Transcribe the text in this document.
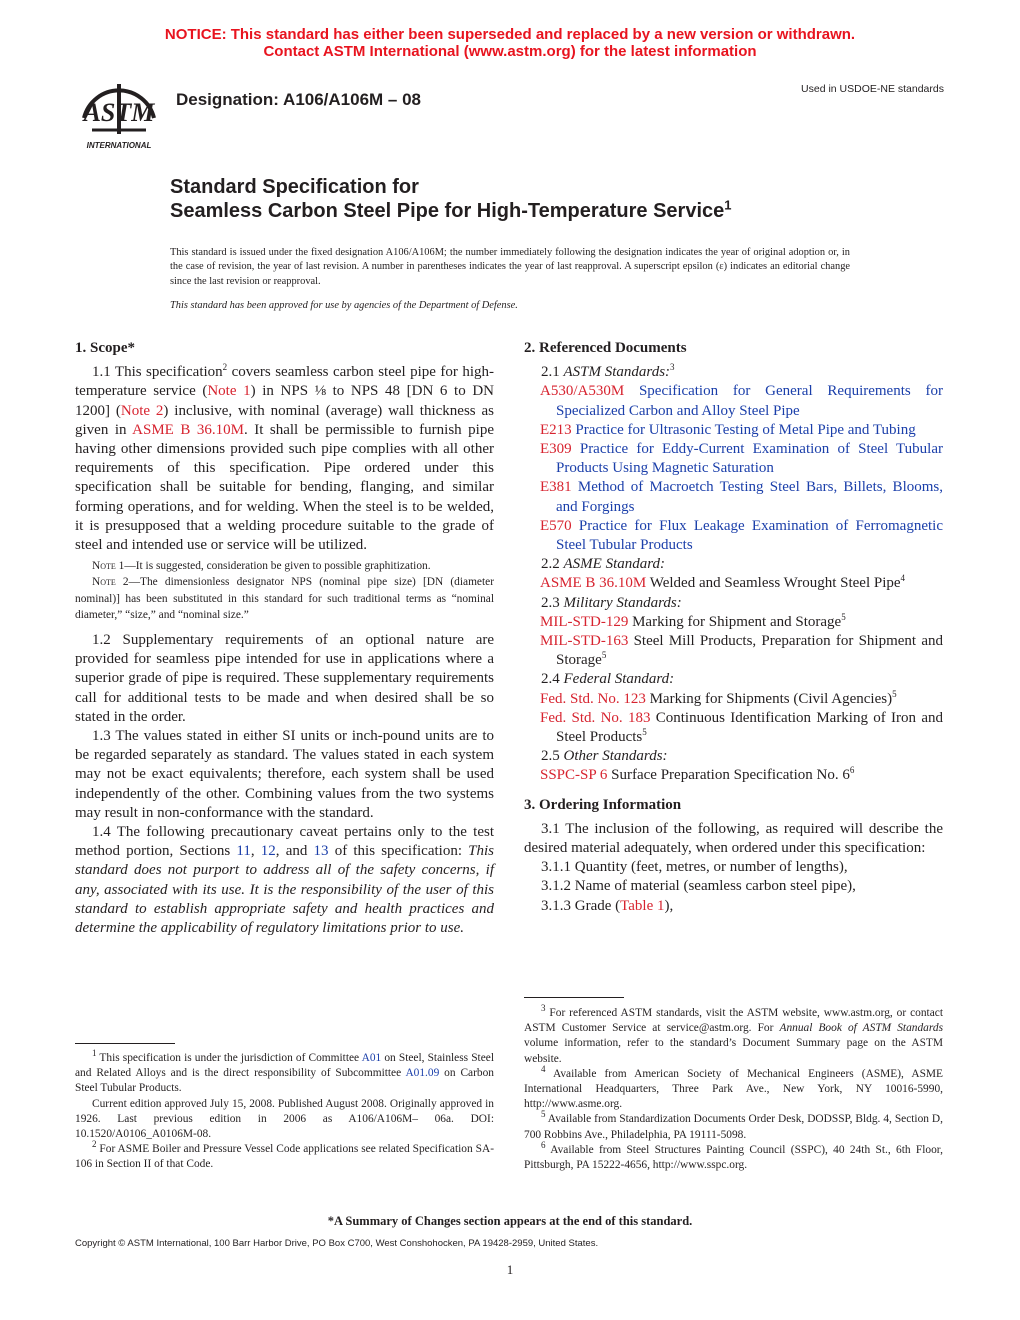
NOTICE: This standard has either been superseded and replaced by a new version or withdrawn.
Contact ASTM International (www.astm.org) for the latest information
ASTM
INTERNATIONAL
Designation: A106/A106M – 08
Used in USDOE-NE standards
Standard Specification for
Seamless Carbon Steel Pipe for High-Temperature Service$^1$
This standard is issued under the fixed designation A106/A106M; the number immediately following the designation indicates the year of original adoption or, in the case of revision, the year of last revision. A number in parentheses indicates the year of last reapproval. A superscript epsilon (ε) indicates an editorial change since the last revision or reapproval.
This standard has been approved for use by agencies of the Department of Defense.

1. Scope*

1.1 This specification$^2$ covers seamless carbon steel pipe for high-temperature service (Note 1) in NPS ⅛ to NPS 48 [DN 6 to DN 1200] (Note 2) inclusive, with nominal (average) wall thickness as given in ASME B 36.10M. It shall be permissible to furnish pipe having other dimensions provided such pipe complies with all other requirements of this specification. Pipe ordered under this specification shall be suitable for bending, flanging, and similar forming operations, and for welding. When the steel is to be welded, it is presupposed that a welding procedure suitable to the grade of steel and intended use or service will be utilized.

Note 1—It is suggested, consideration be given to possible graphitization.

Note 2—The dimensionless designator NPS (nominal pipe size) [DN (diameter nominal)] has been substituted in this standard for such traditional terms as “nominal diameter,” “size,” and “nominal size.”

1.2 Supplementary requirements of an optional nature are provided for seamless pipe intended for use in applications where a superior grade of pipe is required. These supplementary requirements call for additional tests to be made and when desired shall be so stated in the order.

1.3 The values stated in either SI units or inch-pound units are to be regarded separately as standard. The values stated in each system may not be exact equivalents; therefore, each system shall be used independently of the other. Combining values from the two systems may result in non-conformance with the standard.

1.4 The following precautionary caveat pertains only to the test method portion, Sections 11, 12, and 13 of this specification: This standard does not purport to address all of the safety concerns, if any, associated with its use. It is the responsibility of the user of this standard to establish appropriate safety and health practices and determine the applicability of regulatory limitations prior to use.

$^1$ This specification is under the jurisdiction of Committee A01 on Steel, Stainless Steel and Related Alloys and is the direct responsibility of Subcommittee A01.09 on Carbon Steel Tubular Products.

Current edition approved July 15, 2008. Published August 2008. Originally approved in 1926. Last previous edition in 2006 as A106/A106M– 06a. DOI: 10.1520/A0106_A0106M-08.

$^2$ For ASME Boiler and Pressure Vessel Code applications see related Specification SA-106 in Section II of that Code.

2. Referenced Documents

2.1 ASTM Standards:$^3$

A530/A530M Specification for General Requirements for Specialized Carbon and Alloy Steel Pipe

E213 Practice for Ultrasonic Testing of Metal Pipe and Tubing

E309 Practice for Eddy-Current Examination of Steel Tubular Products Using Magnetic Saturation

E381 Method of Macroetch Testing Steel Bars, Billets, Blooms, and Forgings

E570 Practice for Flux Leakage Examination of Ferromagnetic Steel Tubular Products

2.2 ASME Standard:

ASME B 36.10M Welded and Seamless Wrought Steel Pipe$^4$

2.3 Military Standards:

MIL-STD-129 Marking for Shipment and Storage$^5$

MIL-STD-163 Steel Mill Products, Preparation for Shipment and Storage$^5$

2.4 Federal Standard:

Fed. Std. No. 123 Marking for Shipments (Civil Agencies)$^5$

Fed. Std. No. 183 Continuous Identification Marking of Iron and Steel Products$^5$

2.5 Other Standards:

SSPC-SP 6 Surface Preparation Specification No. $6^6$

3. Ordering Information

3.1 The inclusion of the following, as required will describe the desired material adequately, when ordered under this specification:

3.1.1 Quantity (feet, metres, or number of lengths),

3.1.2 Name of material (seamless carbon steel pipe),

3.1.3 Grade (Table 1),

$^3$ For referenced ASTM standards, visit the ASTM website, www.astm.org, or contact ASTM Customer Service at service@astm.org. For Annual Book of ASTM Standards volume information, refer to the standard’s Document Summary page on the ASTM website.

$^4$ Available from American Society of Mechanical Engineers (ASME), ASME International Headquarters, Three Park Ave., New York, NY 10016-5990, http://www.asme.org.

$^5$ Available from Standardization Documents Order Desk, DODSSP, Bldg. 4, Section D, 700 Robbins Ave., Philadelphia, PA 19111-5098.

$^6$ Available from Steel Structures Painting Council (SSPC), 40 24th St., 6th Floor, Pittsburgh, PA 15222-4656, http://www.sspc.org.

*A Summary of Changes section appears at the end of this standard.
Copyright © ASTM International, 100 Barr Harbor Drive, PO Box C700, West Conshohocken, PA 19428-2959, United States.
1
